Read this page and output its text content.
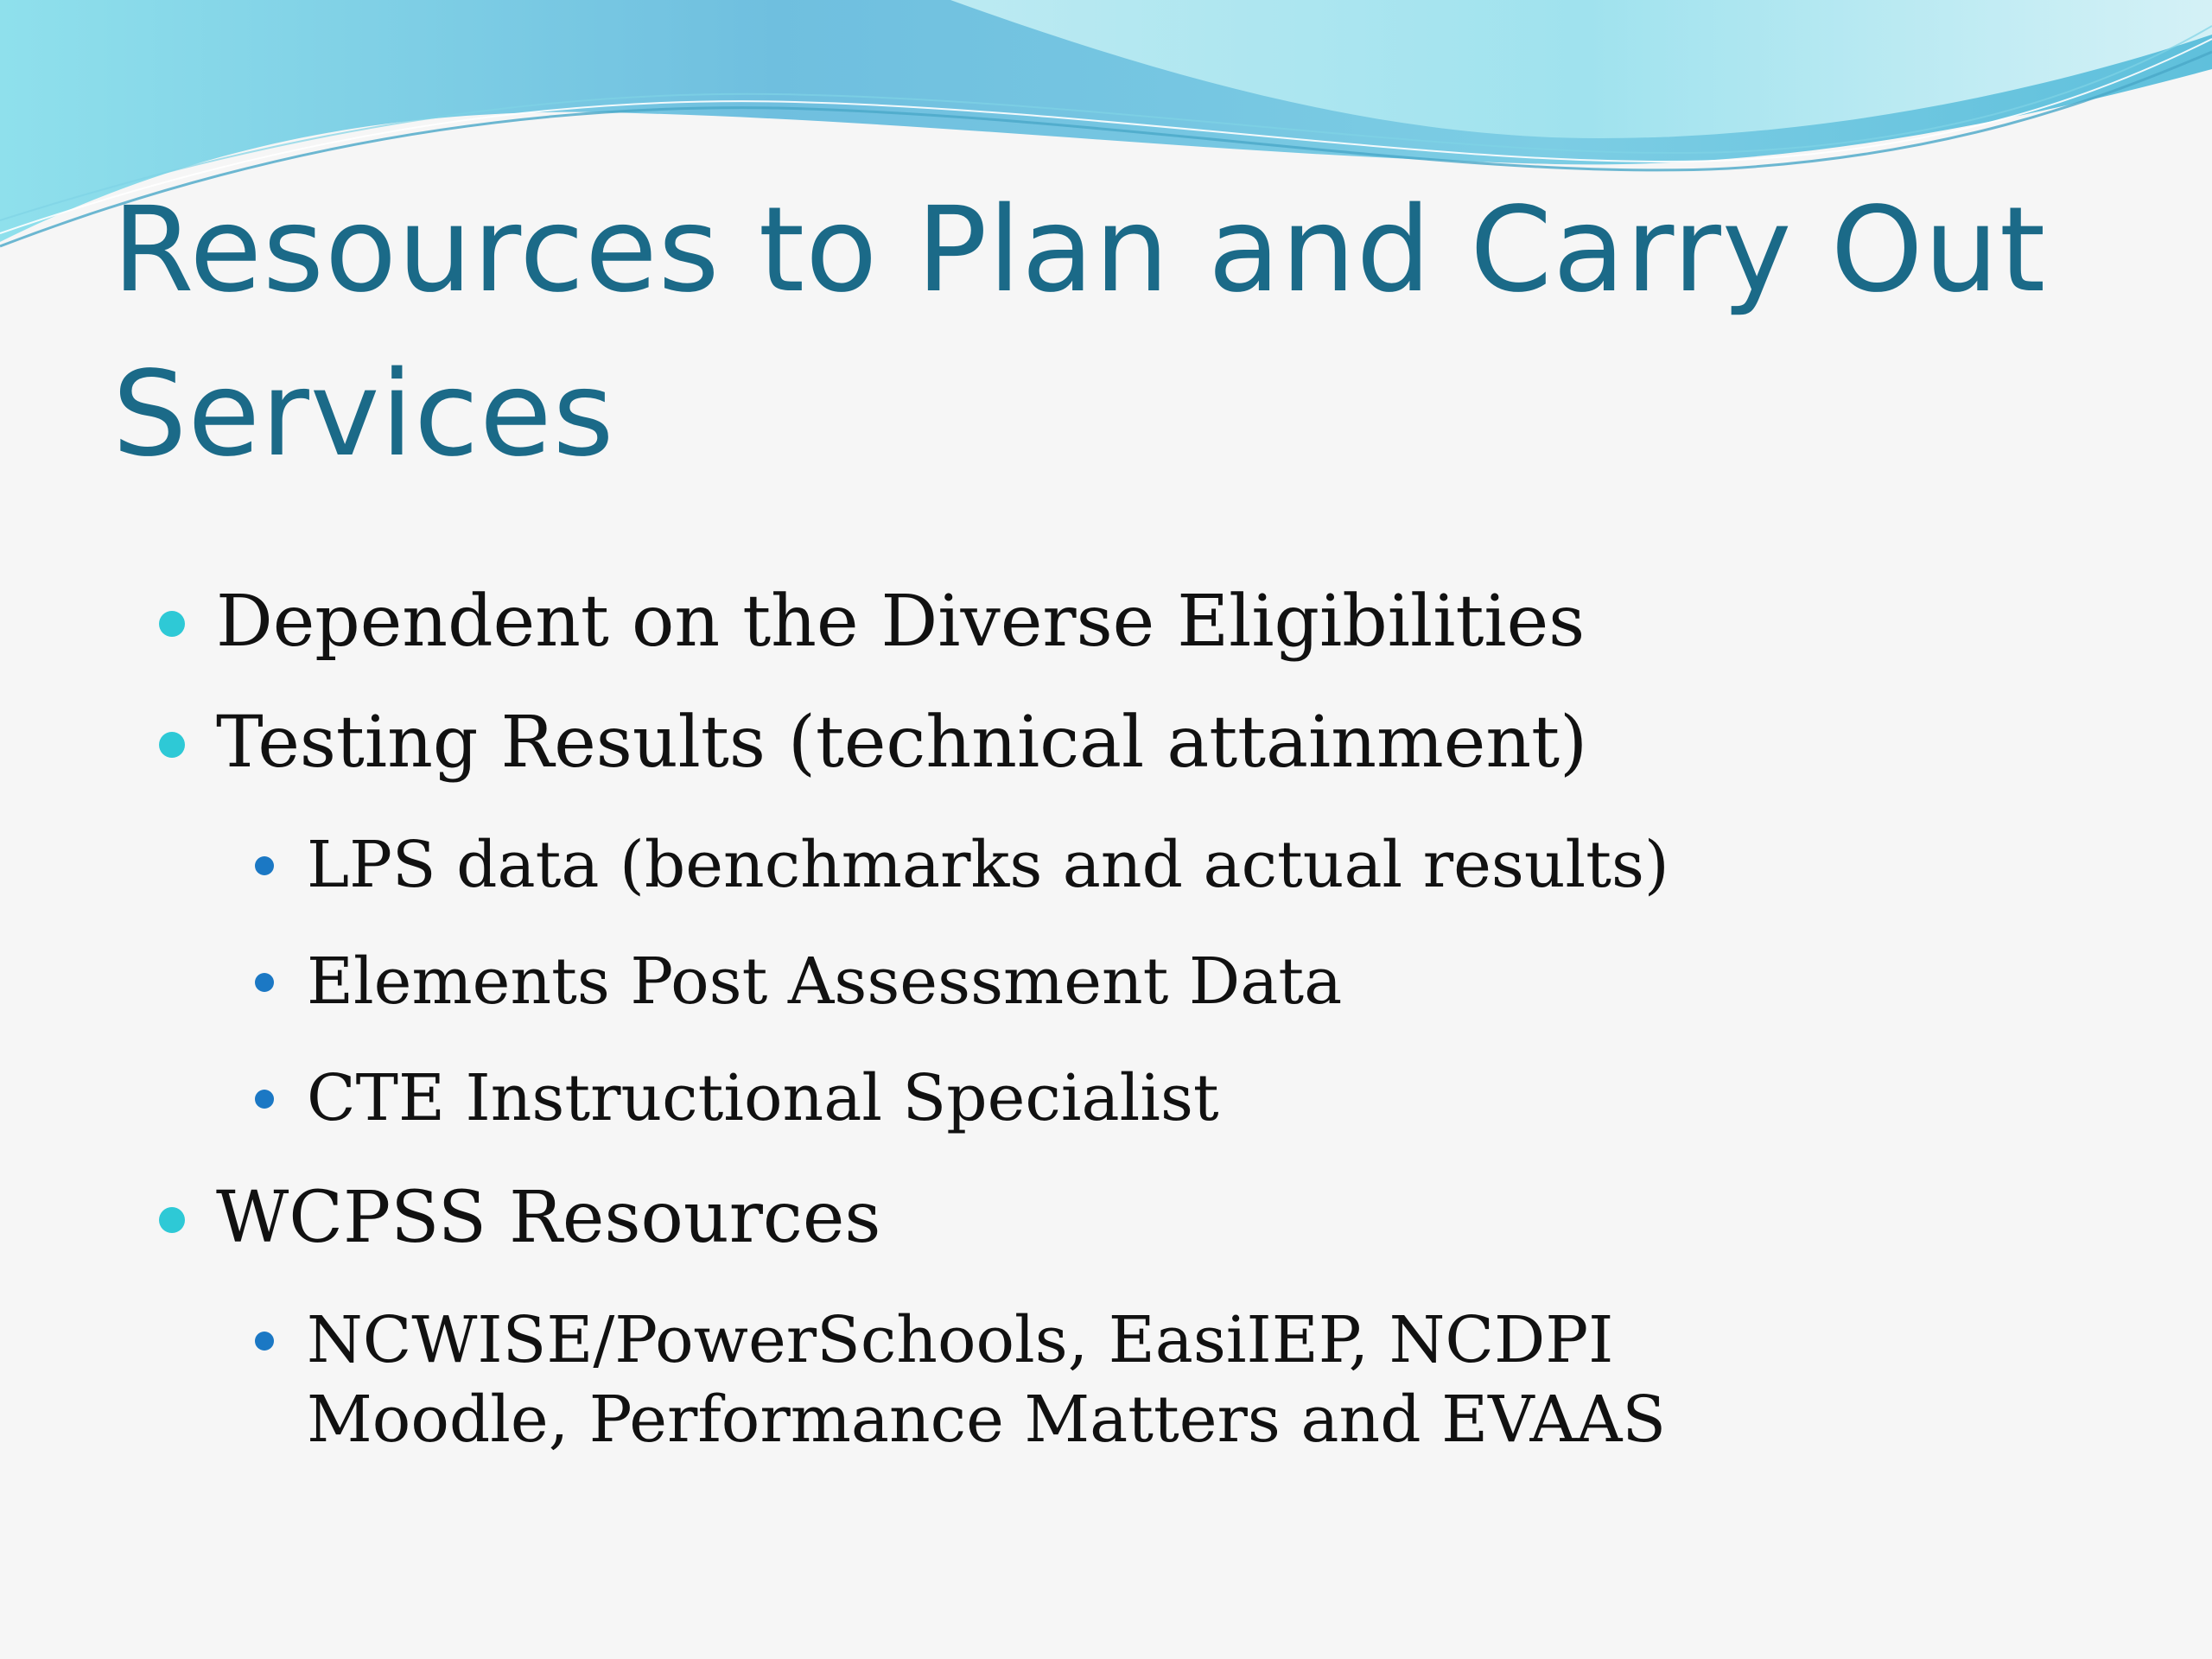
Resources to Plan and Carry Out Services
Dependent on the Diverse Eligibilities
Testing Results (technical attainment)
LPS data (benchmarks and actual results)
Elements Post Assessment Data
CTE Instructional Specialist
WCPSS Resources
NCWISE/PowerSchools, EasiIEP, NCDPI
Moodle, Performance Matters and EVAAS
